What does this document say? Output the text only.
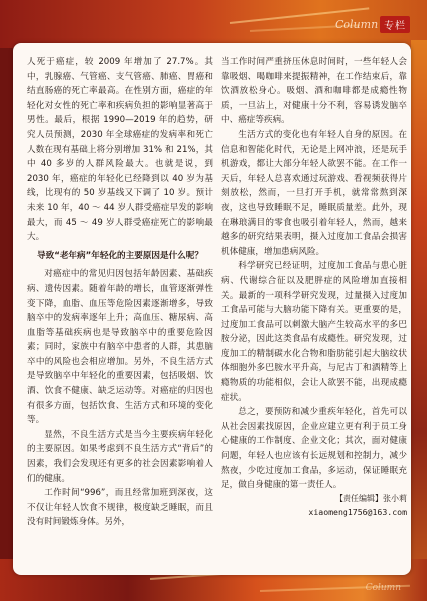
Column 专栏

人死于癌症，较 2009 年增加了 27.7%。其中，乳腺癌、气管癌、支气管癌、肺癌、胃癌和结直肠癌的死亡率最高。在性别方面，癌症的年轻化对女性的死亡率和疾病负担的影响显著高于男性。最后，根据 1990—2019 年的趋势，研究人员预测，2030 年全球癌症的发病率和死亡人数在现有基础上将分别增加 31% 和 21%，其中 40 多岁的人群风险最大。也就是说，到 2030 年，癌症的年轻化已经降到以 40 岁为基线，比现有的 50 岁基线又下调了 10 岁。预计未来 10 年，40 ～ 44 岁人群受癌症早发的影响最大，而 45 ～ 49 岁人群受癌症死亡的影响最大。

导致“老年病”年轻化的主要原因是什么呢？

对癌症中的常见归因包括年龄因素、基础疾病、遗传因素。随着年龄的增长，血管逐渐弹性变下降，血脂、血压等危险因素逐渐增多，导致脑卒中的发病率逐年上升；高血压、糖尿病、高血脂等基础疾病也是导致脑卒中的重要危险因素；同时，家族中有脑卒中患者的人群，其患脑卒中的风险也会相应增加。另外，不良生活方式是导致脑卒中年轻化的重要因素，包括吸烟、饮酒、饮食不健康、缺乏运动等。对癌症的归因也有很多方面，包括饮食、生活方式和环境的变化等。

显然，不良生活方式是当今主要疾病年轻化的主要原因。如果考虑到不良生活方式“背后”的因素，我们会发现还有更多的社会因素影响着人们的健康。

工作时间“996”，而且经常加班到深夜，这不仅让年轻人饮食不规律，极度缺乏睡眠，而且没有时间锻炼身体。另外，

当工作时间严重挤压休息时间时，一些年轻人会靠吸烟、喝咖啡来提振精神，在工作结束后，靠饮酒放松身心。吸烟、酒和咖啡都是成瘾性物质，一旦沾上，对健康十分不利，容易诱发脑卒中、癌症等疾病。

生活方式的变化也有年轻人自身的原因。在信息和智能化时代，无论是上网冲浪，还是玩手机游戏，都让大部分年轻人欲罢不能。在工作一天后，年轻人总喜欢通过玩游戏、看视频获得片刻放松，然而，一旦打开手机，就常常熬到深夜，这也导致睡眠不足，睡眠质量差。此外，现在琳琅满目的零食也吸引着年轻人，然而，越来越多的研究结果表明，摄入过度加工食品会损害机体健康，增加患病风险。

科学研究已经证明，过度加工食品与患心脏病、代谢综合征以及肥胖症的风险增加直接相关。最新的一项科学研究发现，过量摄入过度加工食品可能与大脑功能下降有关。更重要的是，过度加工食品可以刺激大脑产生较高水平的多巴胺分泌，因此这类食品有成瘾性。研究发现，过度加工的精制碳水化合物和脂肪能引起大脑纹状体细胞外多巴胺水平升高，与尼古丁和酒精等上瘾物质的功能相似，会让人欲罢不能，出现成瘾症状。

总之，要预防和减少重疾年轻化，首先可以从社会因素找原因，企业应建立更有利于员工身心健康的工作制度、企业文化；其次，面对健康问题，年轻人也应该有长远规划和控制力，减少熬夜，少吃过度加工食品，多运动，保证睡眠充足，做自身健康的第一责任人。

【责任编辑】张小莉

xiaomeng1756@163.com

Column
